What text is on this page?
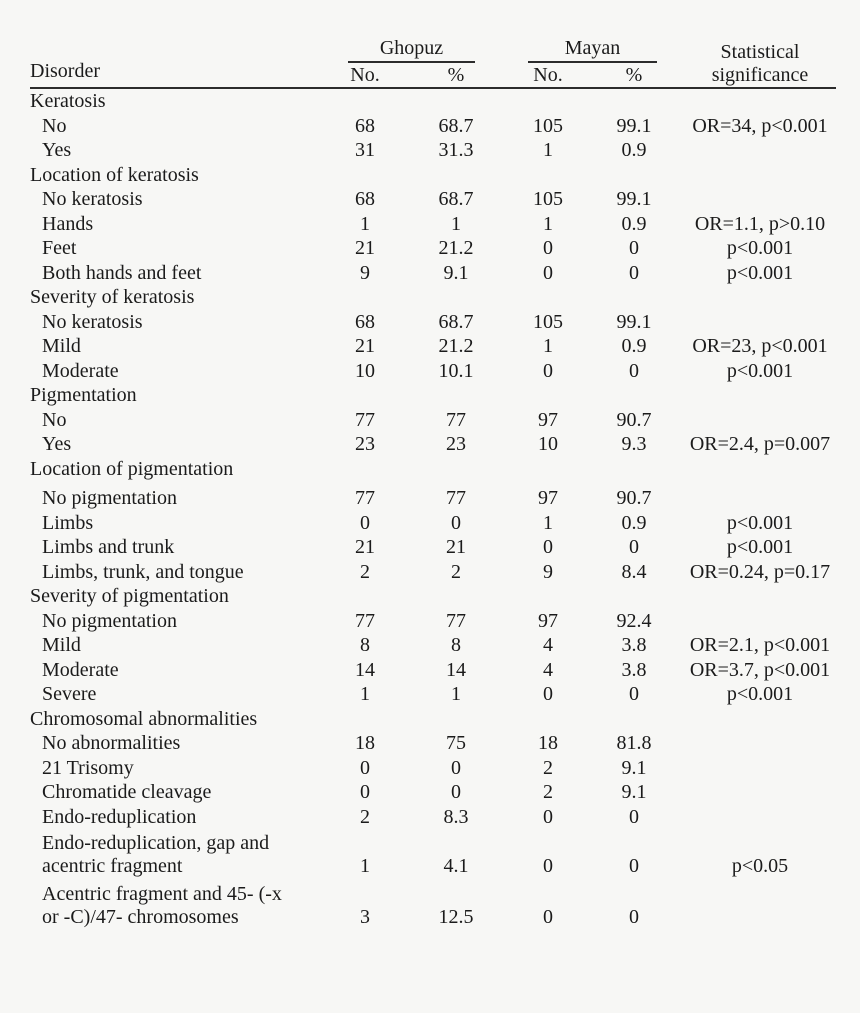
Disorder	Ghopuz		Mayan		Statistical
significance

	No.	%	No.	%	
Keratosis					
No	68	68.7	105	99.1	OR=34, p<0.001
Yes	31	31.3	1	0.9	
Location of keratosis					
No keratosis	68	68.7	105	99.1	
Hands	1	1	1	0.9	OR=1.1, p>0.10
Feet	21	21.2	0	0	p<0.001
Both hands and feet	9	9.1	0	0	p<0.001
Severity of keratosis					
No keratosis	68	68.7	105	99.1	
Mild	21	21.2	1	0.9	OR=23, p<0.001
Moderate	10	10.1	0	0	p<0.001
Pigmentation					
No	77	77	97	90.7	
Yes	23	23	10	9.3	OR=2.4, p=0.007
Location of pigmentation					
No pigmentation	77	77	97	90.7	
Limbs	0	0	1	0.9	p<0.001
Limbs and trunk	21	21	0	0	p<0.001
Limbs, trunk, and tongue	2	2	9	8.4	OR=0.24, p=0.17
Severity of pigmentation					
No pigmentation	77	77	97	92.4	
Mild	8	8	4	3.8	OR=2.1, p<0.001
Moderate	14	14	4	3.8	OR=3.7, p<0.001
Severe	1	1	0	0	p<0.001
Chromosomal abnormalities					
No abnormalities	18	75	18	81.8	
21 Trisomy	0	0	2	9.1	
Chromatide cleavage	0	0	2	9.1	
Endo-reduplication	2	8.3	0	0	

Endo-reduplication, gap and
acentric fragment	1	4.1	0	0	p<0.05

Acentric fragment and 45- (-x
or -C)/47- chromosomes	3	12.5	0	0	
